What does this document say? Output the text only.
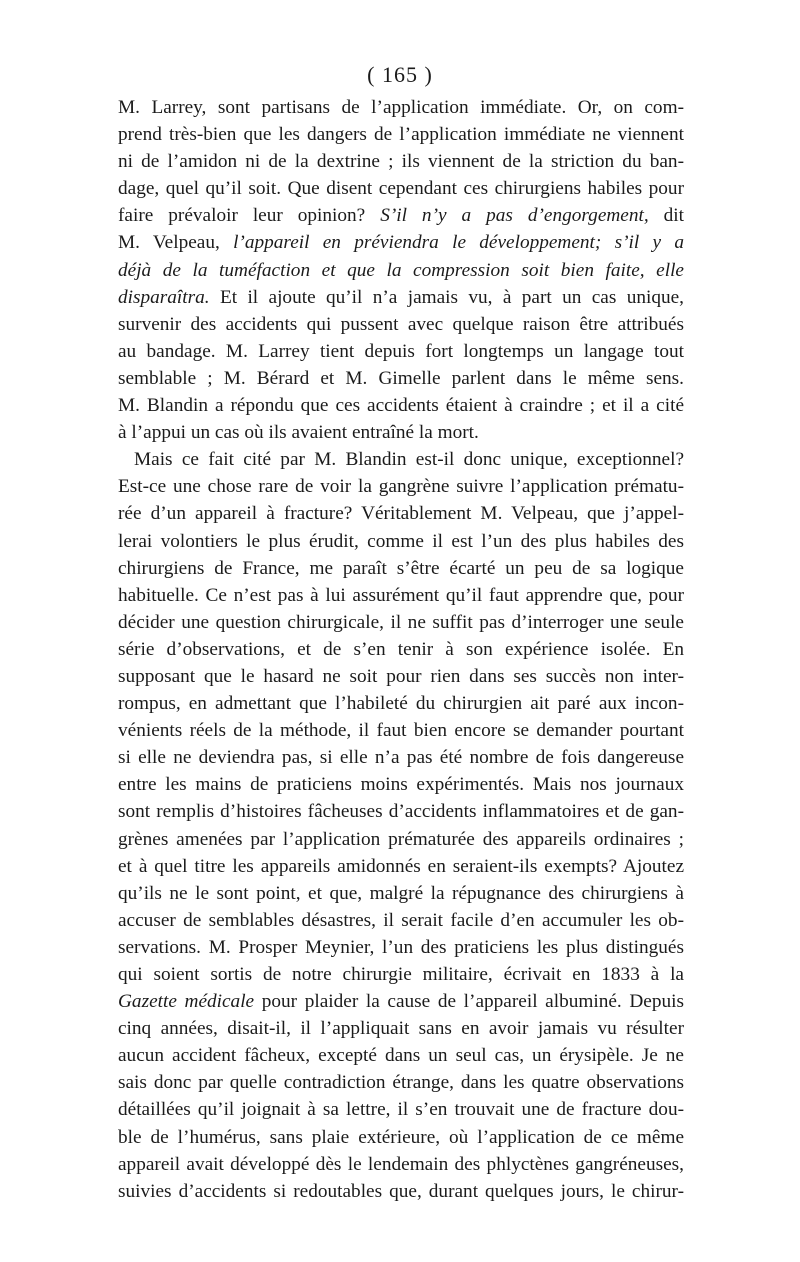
( 165 )
M. Larrey, sont partisans de l’application immédiate. Or, on com-
prend très-bien que les dangers de l’application immédiate ne viennent
ni de l’amidon ni de la dextrine ; ils viennent de la striction du ban-
dage, quel qu’il soit. Que disent cependant ces chirurgiens habiles pour
faire prévaloir leur opinion? S’il n’y a pas d’engorgement, dit
M. Velpeau, l’appareil en préviendra le développement; s’il y a
déjà de la tuméfaction et que la compression soit bien faite, elle
disparaîtra. Et il ajoute qu’il n’a jamais vu, à part un cas unique,
survenir des accidents qui pussent avec quelque raison être attribués
au bandage. M. Larrey tient depuis fort longtemps un langage tout
semblable ; M. Bérard et M. Gimelle parlent dans le même sens.
M. Blandin a répondu que ces accidents étaient à craindre ; et il a cité
à l’appui un cas où ils avaient entraîné la mort.
Mais ce fait cité par M. Blandin est-il donc unique, exceptionnel?
Est-ce une chose rare de voir la gangrène suivre l’application prématu-
rée d’un appareil à fracture? Véritablement M. Velpeau, que j’appel-
lerai volontiers le plus érudit, comme il est l’un des plus habiles des
chirurgiens de France, me paraît s’être écarté un peu de sa logique
habituelle. Ce n’est pas à lui assurément qu’il faut apprendre que, pour
décider une question chirurgicale, il ne suffit pas d’interroger une seule
série d’observations, et de s’en tenir à son expérience isolée. En
supposant que le hasard ne soit pour rien dans ses succès non inter-
rompus, en admettant que l’habileté du chirurgien ait paré aux incon-
vénients réels de la méthode, il faut bien encore se demander pourtant
si elle ne deviendra pas, si elle n’a pas été nombre de fois dangereuse
entre les mains de praticiens moins expérimentés. Mais nos journaux
sont remplis d’histoires fâcheuses d’accidents inflammatoires et de gan-
grènes amenées par l’application prématurée des appareils ordinaires ;
et à quel titre les appareils amidonnés en seraient-ils exempts? Ajoutez
qu’ils ne le sont point, et que, malgré la répugnance des chirurgiens à
accuser de semblables désastres, il serait facile d’en accumuler les ob-
servations. M. Prosper Meynier, l’un des praticiens les plus distingués
qui soient sortis de notre chirurgie militaire, écrivait en 1833 à la
Gazette médicale pour plaider la cause de l’appareil albuminé. Depuis
cinq années, disait-il, il l’appliquait sans en avoir jamais vu résulter
aucun accident fâcheux, excepté dans un seul cas, un érysipèle. Je ne
sais donc par quelle contradiction étrange, dans les quatre observations
détaillées qu’il joignait à sa lettre, il s’en trouvait une de fracture dou-
ble de l’humérus, sans plaie extérieure, où l’application de ce même
appareil avait développé dès le lendemain des phlyctènes gangréneuses,
suivies d’accidents si redoutables que, durant quelques jours, le chirur-
